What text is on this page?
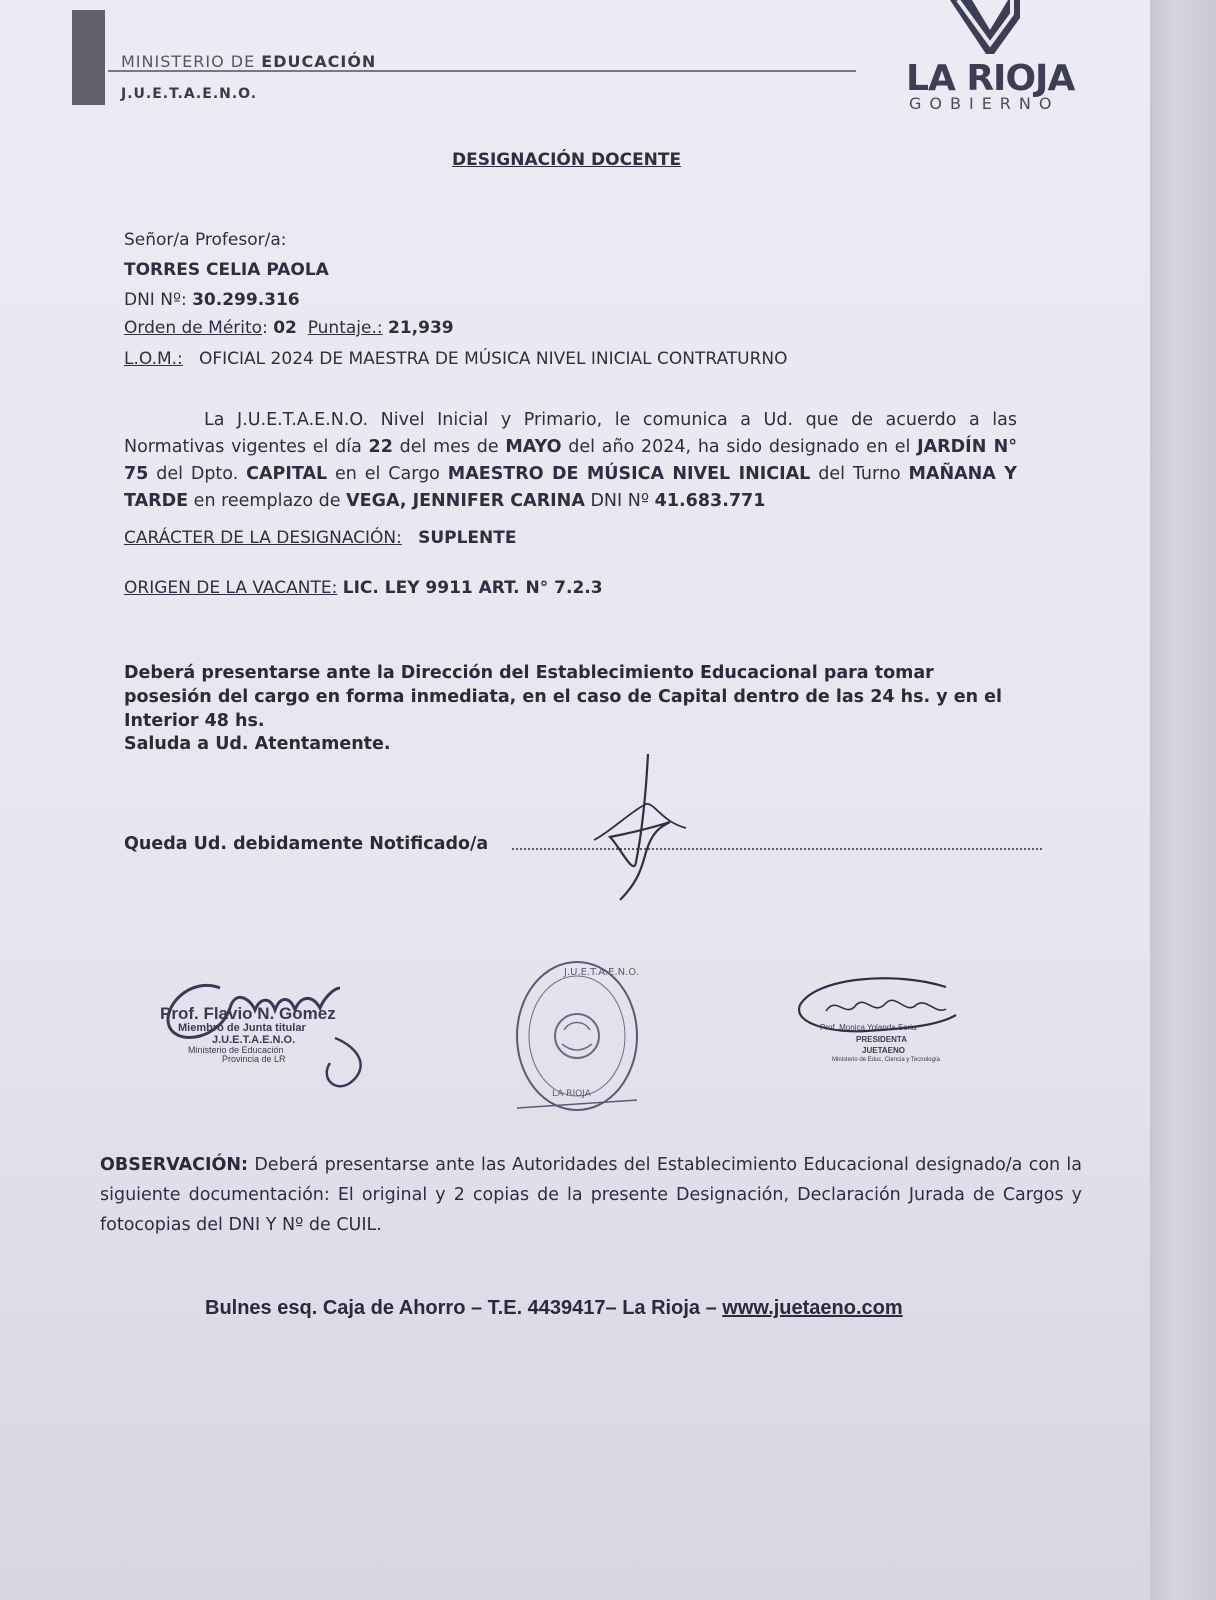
MINISTERIO DE EDUCACIÓN
J.U.E.T.A.E.N.O.	LA RIOJA
GOBIERNO
DESIGNACIÓN DOCENTE
Señor/a Profesor/a:
TORRES CELIA PAOLA
DNI Nº: 30.299.316
Orden de Mérito: 02 Puntaje.: 21,939
L.O.M.: OFICIAL 2024 DE MAESTRA DE MÚSICA NIVEL INICIAL CONTRATURNO
La J.U.E.T.A.E.N.O. Nivel Inicial y Primario, le comunica a Ud. que de acuerdo a las Normativas vigentes el día 22 del mes de MAYO del año 2024, ha sido designado en el JARDÍN N° 75 del Dpto. CAPITAL en el Cargo MAESTRO DE MÚSICA NIVEL INICIAL del Turno MAÑANA Y TARDE en reemplazo de VEGA, JENNIFER CARINA DNI Nº 41.683.771
CARÁCTER DE LA DESIGNACIÓN: SUPLENTE
ORIGEN DE LA VACANTE: LIC. LEY 9911 ART. N° 7.2.3
Deberá presentarse ante la Dirección del Establecimiento Educacional para tomar posesión del cargo en forma inmediata, en el caso de Capital dentro de las 24 hs. y en el Interior 48 hs.
Saluda a Ud. Atentamente.
Queda Ud. debidamente Notificado/a
Prof. Flavio N. Gomez
Miembro de Junta titular
J.U.E.T.A.E.N.O.
Ministerio de Educación
Provincia de LR
J.U.E.T.A.E.N.O.
LA RIOJA
Prof. Monica Yolanda Soria
PRESIDENTA
JUETAENO
Ministerio de Educ. Ciencia y Tecnología
OBSERVACIÓN: Deberá presentarse ante las Autoridades del Establecimiento Educacional designado/a con la siguiente documentación: El original y 2 copias de la presente Designación, Declaración Jurada de Cargos y fotocopias del DNI Y Nº de CUIL.
Bulnes esq. Caja de Ahorro – T.E. 4439417– La Rioja – www.juetaeno.com
